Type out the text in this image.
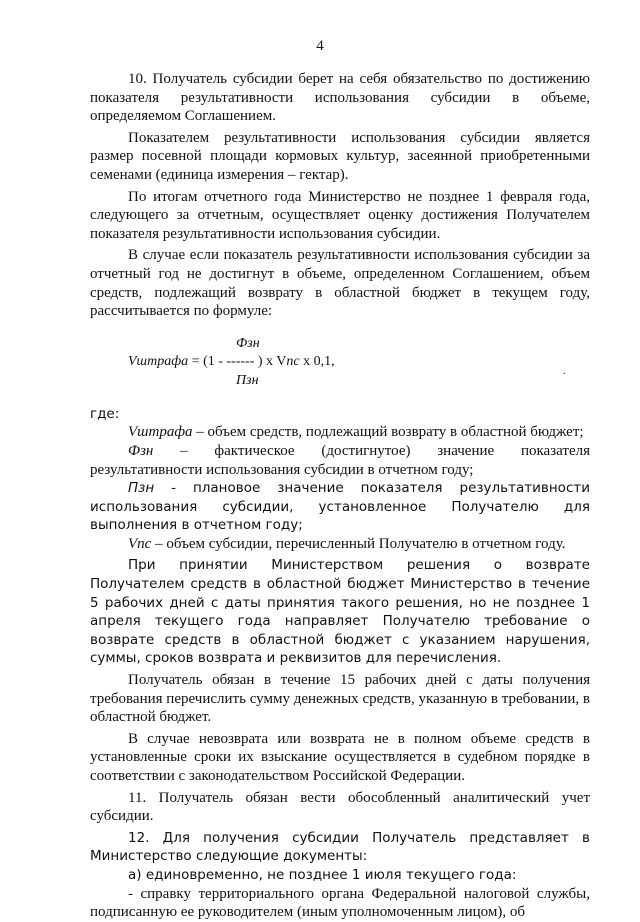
4

10. Получатель субсидии берет на себя обязательство по достижению показателя результативности использования субсидии в объеме, определяемом Соглашением.

Показателем результативности использования субсидии является размер посевной площади кормовых культур, засеянной приобретенными семенами (единица измерения – гектар).

По итогам отчетного года Министерство не позднее 1 февраля года, следующего за отчетным, осуществляет оценку достижения Получателем показателя результативности использования субсидии.

В случае если показатель результативности использования субсидии за отчетный год не достигнут в объеме, определенном Соглашением, объем средств, подлежащий возврату в областной бюджет в текущем году, рассчитывается по формуле:

Фзн
Vштрафа = (1 - ------ ) x Vпс x 0,1,
Пзн
.

где:

Vштрафа – объем средств, подлежащий возврату в областной бюджет;

Фзн – фактическое (достигнутое) значение показателя результативности использования субсидии в отчетном году;

Пзн - плановое значение показателя результативности использования субсидии, установленное Получателю для выполнения в отчетном году;

Vпс – объем субсидии, перечисленный Получателю в отчетном году.

При принятии Министерством решения о возврате Получателем средств в областной бюджет Министерство в течение 5 рабочих дней с даты принятия такого решения, но не позднее 1 апреля текущего года направляет Получателю требование о возврате средств в областной бюджет с указанием нарушения, суммы, сроков возврата и реквизитов для перечисления.

Получатель обязан в течение 15 рабочих дней с даты получения требования перечислить сумму денежных средств, указанную в требовании, в областной бюджет.

В случае невозврата или возврата не в полном объеме средств в установленные сроки их взыскание осуществляется в судебном порядке в соответствии с законодательством Российской Федерации.

11. Получатель обязан вести обособленный аналитический учет субсидии.

12. Для получения субсидии Получатель представляет в Министерство следующие документы:

а) единовременно, не позднее 1 июля текущего года:

- справку территориального органа Федеральной налоговой службы, подписанную ее руководителем (иным уполномоченным лицом), об
